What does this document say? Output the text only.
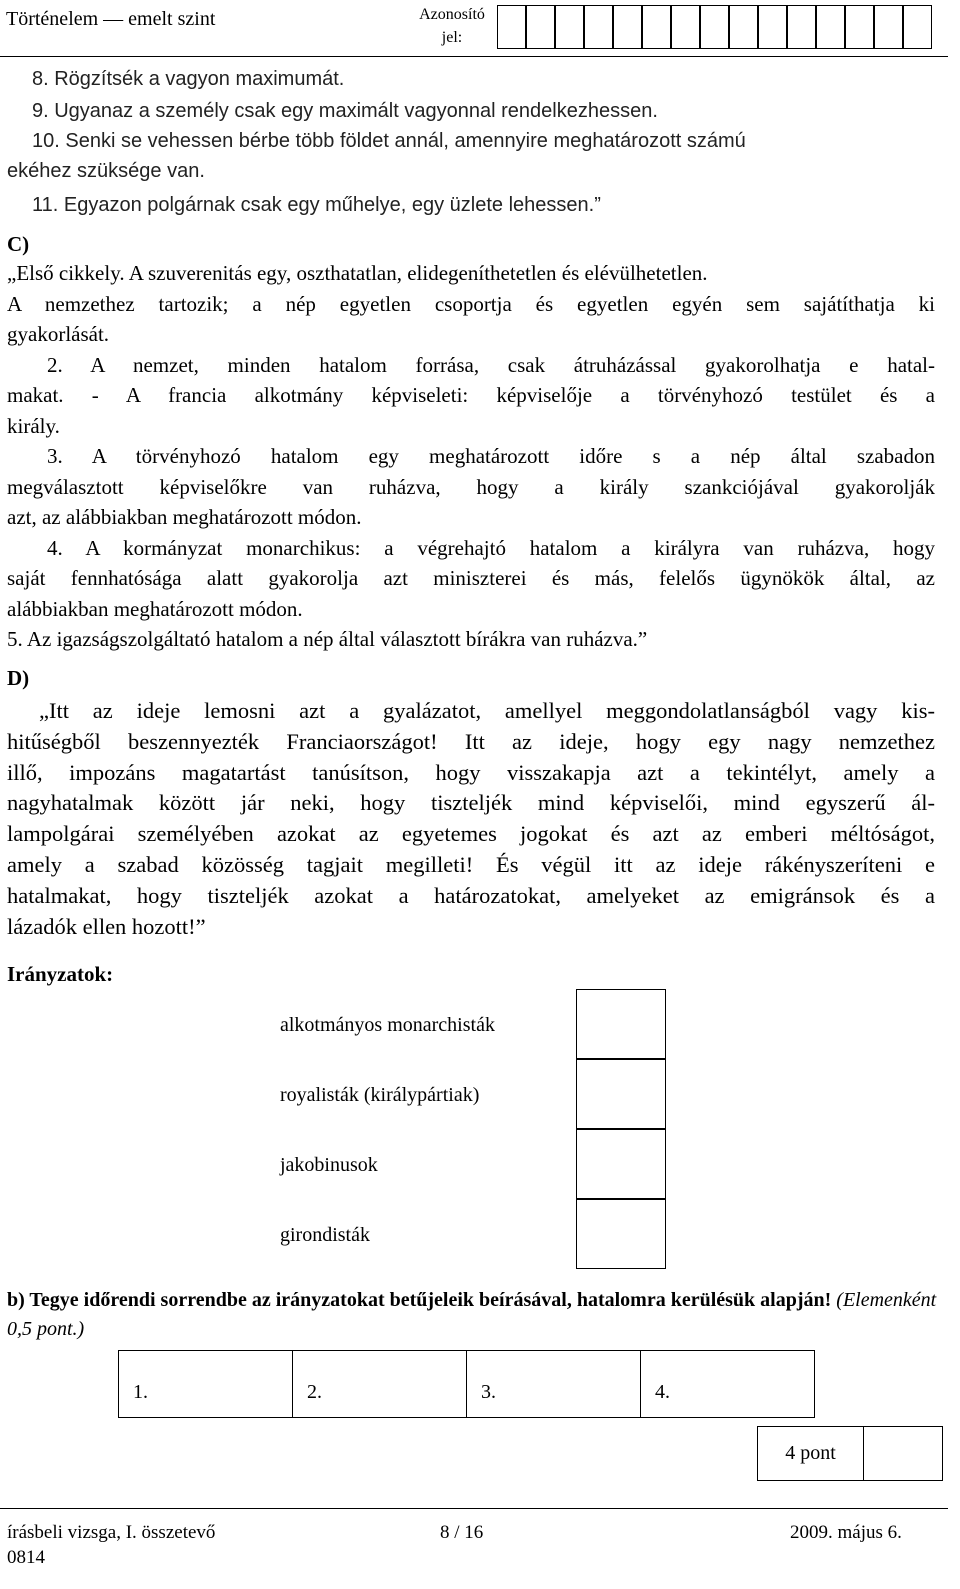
Történelem — emelt szint	Azonosító jel:
8. Rögzítsék a vagyon maximumát.
9. Ugyanaz a személy csak egy maximált vagyonnal rendelkezhessen.
10. Senki se vehessen bérbe több földet annál, amennyire meghatározott számú
ekéhez szüksége van.
11. Egyazon polgárnak csak egy műhelye, egy üzlete lehessen.”
C)
„Első cikkely. A szuverenitás egy, oszthatatlan, elidegeníthetetlen és elévülhetetlen.
A nemzethez tartozik; a nép egyetlen csoportja és egyetlen egyén sem sajátíthatja ki
gyakorlását.
2. A nemzet, minden hatalom forrása, csak átruházással gyakorolhatja e hatal-
makat. - A francia alkotmány képviseleti: képviselője a törvényhozó testület és a
király.
3. A törvényhozó hatalom egy meghatározott időre s a nép által szabadon
megválasztott képviselőkre van ruházva, hogy a király szankciójával gyakorolják
azt, az alábbiakban meghatározott módon.
4. A kormányzat monarchikus: a végrehajtó hatalom a királyra van ruházva, hogy
saját fennhatósága alatt gyakorolja azt miniszterei és más, felelős ügynökök által, az
alábbiakban meghatározott módon.
5. Az igazságszolgáltató hatalom a nép által választott bírákra van ruházva.”
D)
„Itt az ideje lemosni azt a gyalázatot, amellyel meggondolatlanságból vagy kis-
hitűségből beszennyezték Franciaországot! Itt az ideje, hogy egy nagy nemzethez
illő, impozáns magatartást tanúsítson, hogy visszakapja azt a tekintélyt, amely a
nagyhatalmak között jár neki, hogy tiszteljék mind képviselői, mind egyszerű ál-
lampolgárai személyében azokat az egyetemes jogokat és azt az emberi méltóságot,
amely a szabad közösség tagjait megilleti! És végül itt az ideje rákényszeríteni e
hatalmakat, hogy tiszteljék azokat a határozatokat, amelyeket az emigránsok és a
lázadók ellen hozott!”
Irányzatok:
alkotmányos monarchisták
royalisták (királypártiak)
jakobinusok
girondisták
b) Tegye időrendi sorrendbe az irányzatokat betűjeleik beírásával, hatalomra kerülésük alapján! (Elemenként 0,5 pont.)
1.	2.	3.	4.
4 pont
írásbeli vizsga, I. összetevő
0814
8 / 16	2009. május 6.
